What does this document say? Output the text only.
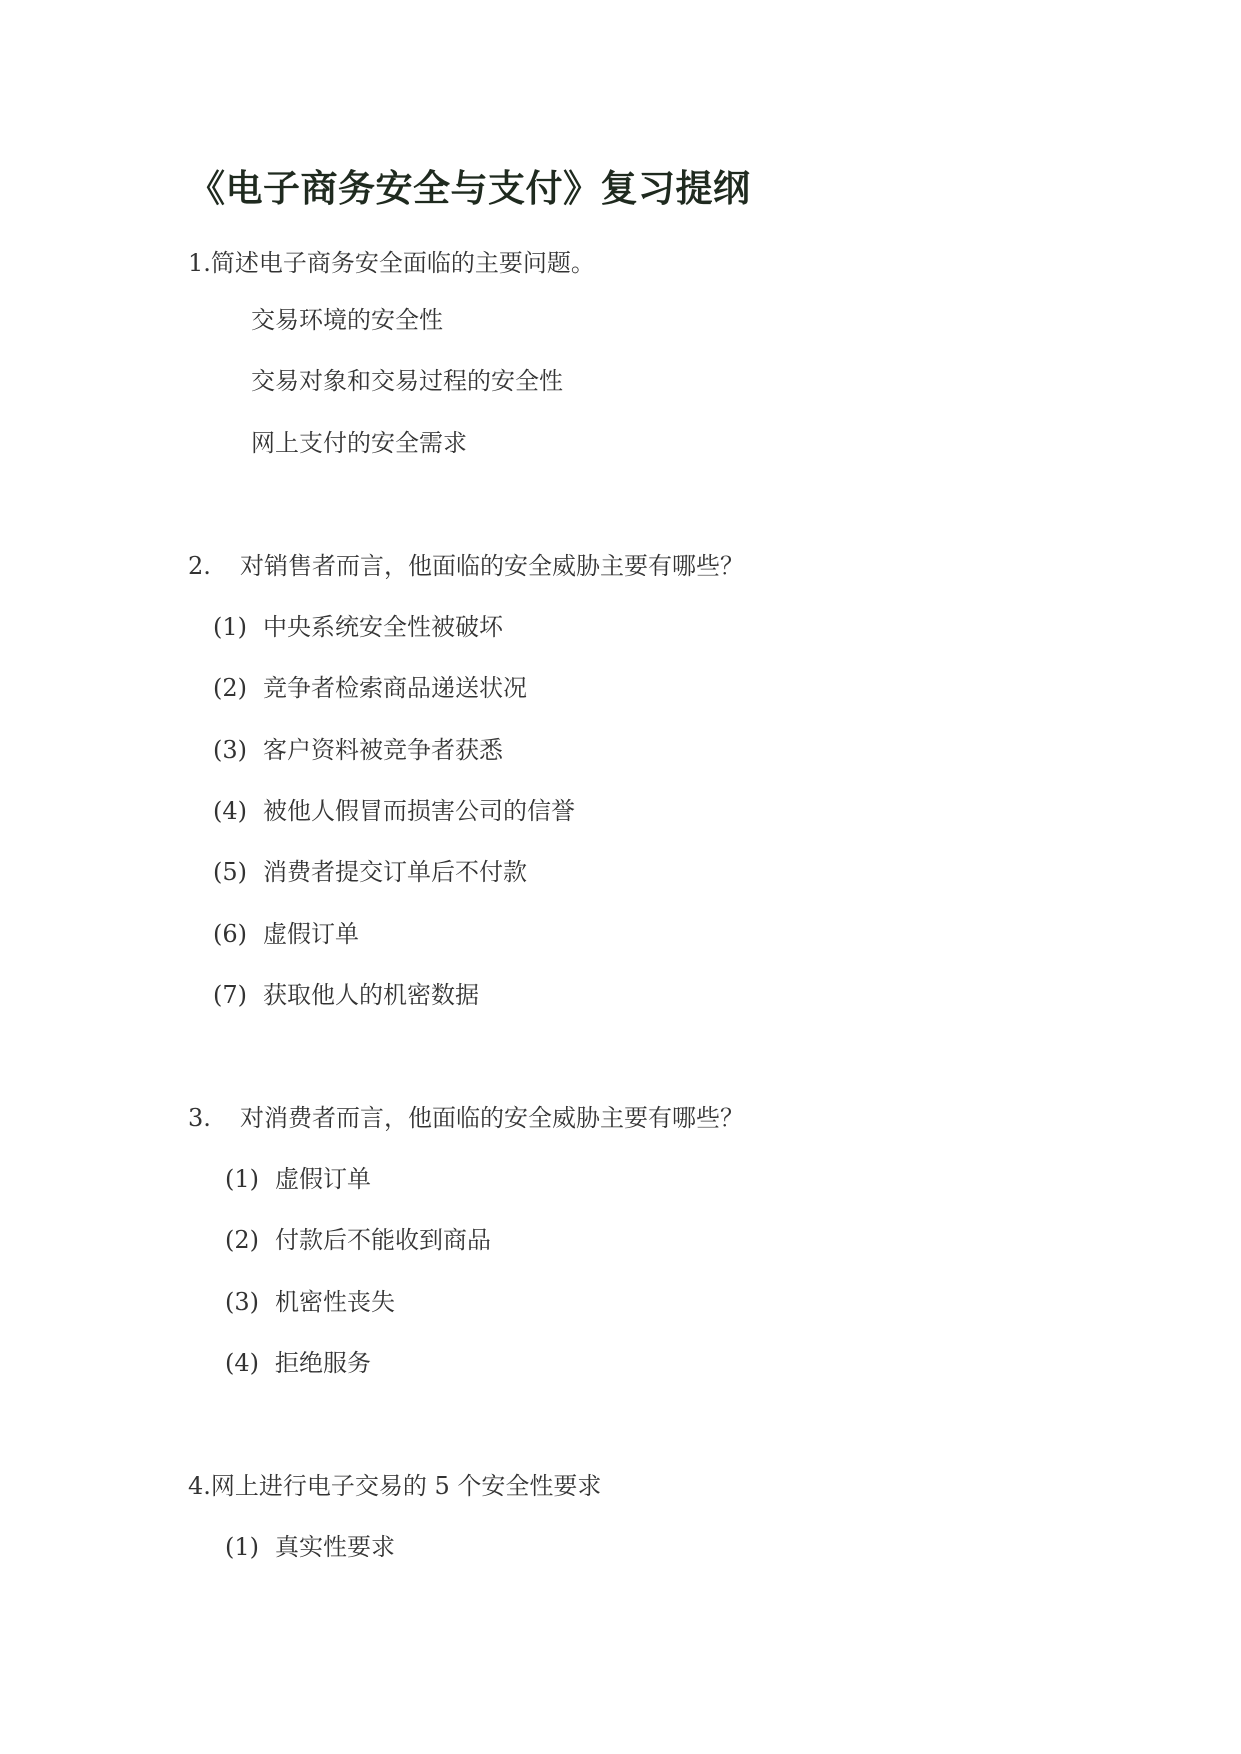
《电子商务安全与支付》复习提纲
1.简述电子商务安全面临的主要问题。
交易环境的安全性
交易对象和交易过程的安全性
网上支付的安全需求
2. 对销售者而言，他面临的安全威胁主要有哪些？
(1) 中央系统安全性被破坏
(2) 竞争者检索商品递送状况
(3) 客户资料被竞争者获悉
(4) 被他人假冒而损害公司的信誉
(5) 消费者提交订单后不付款
(6) 虚假订单
(7) 获取他人的机密数据
3. 对消费者而言，他面临的安全威胁主要有哪些？
(1) 虚假订单
(2) 付款后不能收到商品
(3) 机密性丧失
(4) 拒绝服务
4.网上进行电子交易的 5 个安全性要求
(1) 真实性要求
